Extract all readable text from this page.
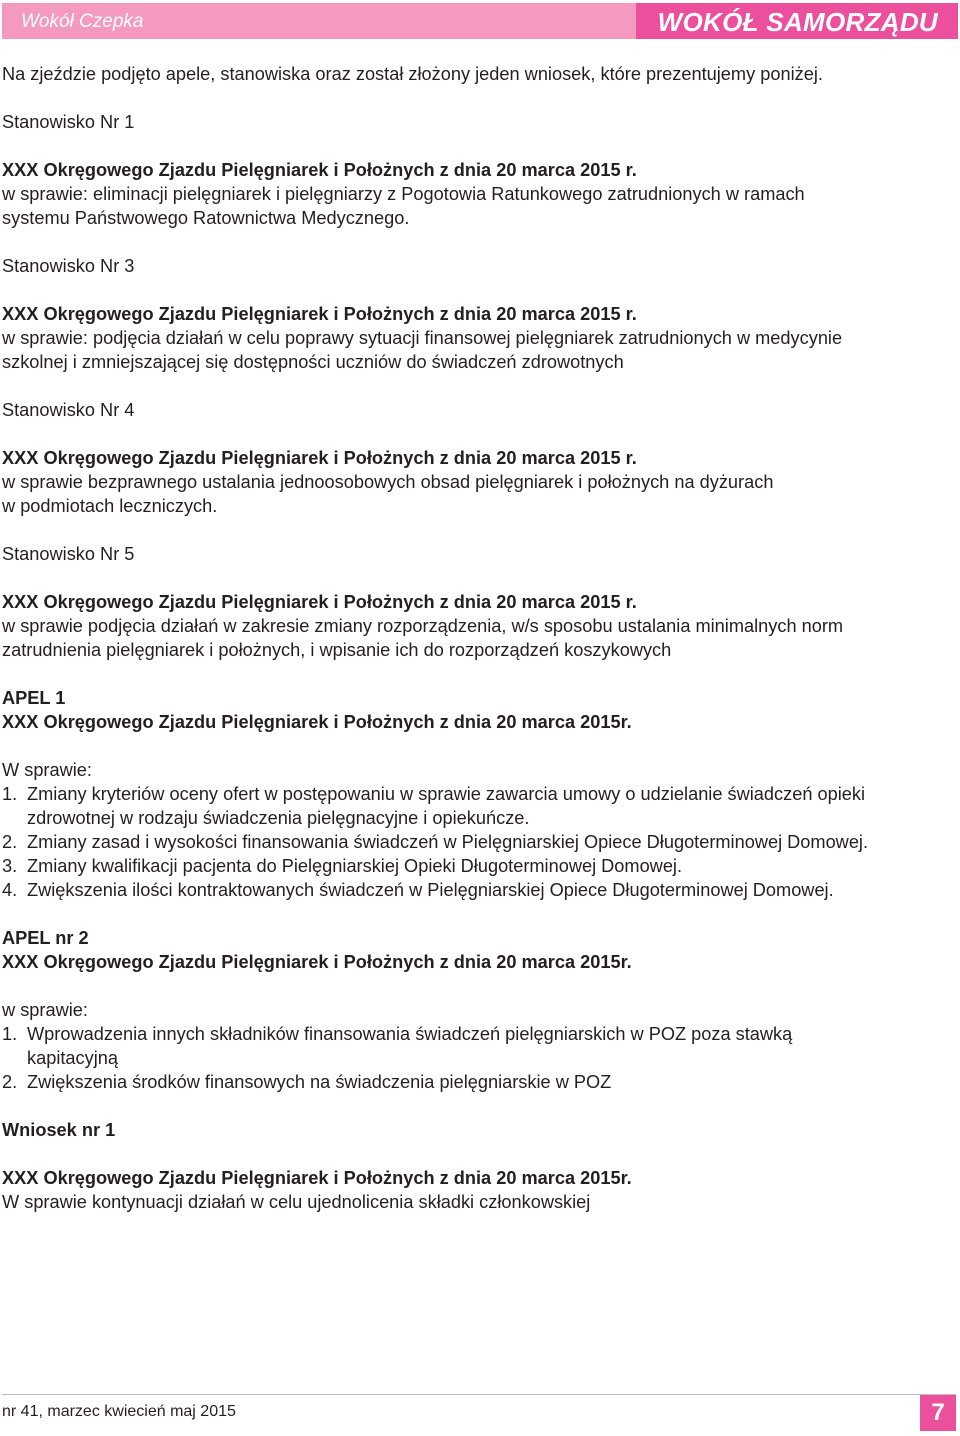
Wokół Czepka	WOKÓŁ SAMORZĄDU

Na zjeździe podjęto apele, stanowiska oraz został złożony jeden wniosek, które prezentujemy poniżej.

Stanowisko Nr 1

XXX Okręgowego Zjazdu Pielęgniarek i Położnych z dnia 20 marca 2015 r.

w sprawie: eliminacji pielęgniarek i pielęgniarzy z Pogotowia Ratunkowego zatrudnionych w ramach

systemu Państwowego Ratownictwa Medycznego.

Stanowisko Nr 3

XXX Okręgowego Zjazdu Pielęgniarek i Położnych z dnia 20 marca 2015 r.

w sprawie: podjęcia działań w celu poprawy sytuacji finansowej pielęgniarek zatrudnionych w medycynie

szkolnej i zmniejszającej się dostępności uczniów do świadczeń zdrowotnych

Stanowisko Nr 4

XXX Okręgowego Zjazdu Pielęgniarek i Położnych z dnia 20 marca 2015 r.

w sprawie bezprawnego ustalania jednoosobowych obsad pielęgniarek i położnych na dyżurach

w podmiotach leczniczych.

Stanowisko Nr 5

XXX Okręgowego Zjazdu Pielęgniarek i Położnych z dnia 20 marca 2015 r.

w sprawie podjęcia działań w zakresie zmiany rozporządzenia, w/s sposobu ustalania minimalnych norm

zatrudnienia pielęgniarek i położnych, i wpisanie ich do rozporządzeń koszykowych

APEL 1

XXX Okręgowego Zjazdu Pielęgniarek i Położnych z dnia 20 marca 2015r.

W sprawie:

1. Zmiany kryteriów oceny ofert w postępowaniu w sprawie zawarcia umowy o udzielanie świadczeń opieki
zdrowotnej w rodzaju świadczenia pielęgnacyjne i opiekuńcze.
2. Zmiany zasad i wysokości finansowania świadczeń w Pielęgniarskiej Opiece Długoterminowej Domowej.
3. Zmiany kwalifikacji pacjenta do Pielęgniarskiej Opieki Długoterminowej Domowej.
4. Zwiększenia ilości kontraktowanych świadczeń w Pielęgniarskiej Opiece Długoterminowej Domowej.

APEL nr 2

XXX Okręgowego Zjazdu Pielęgniarek i Położnych z dnia 20 marca 2015r.

w sprawie:

1. Wprowadzenia innych składników finansowania świadczeń pielęgniarskich w POZ poza stawką
kapitacyjną
2. Zwiększenia środków finansowych na świadczenia pielęgniarskie w POZ

Wniosek nr 1

XXX Okręgowego Zjazdu Pielęgniarek i Położnych z dnia 20 marca 2015r.

W sprawie kontynuacji działań w celu ujednolicenia składki członkowskiej

nr 41, marzec kwiecień maj 2015	7
